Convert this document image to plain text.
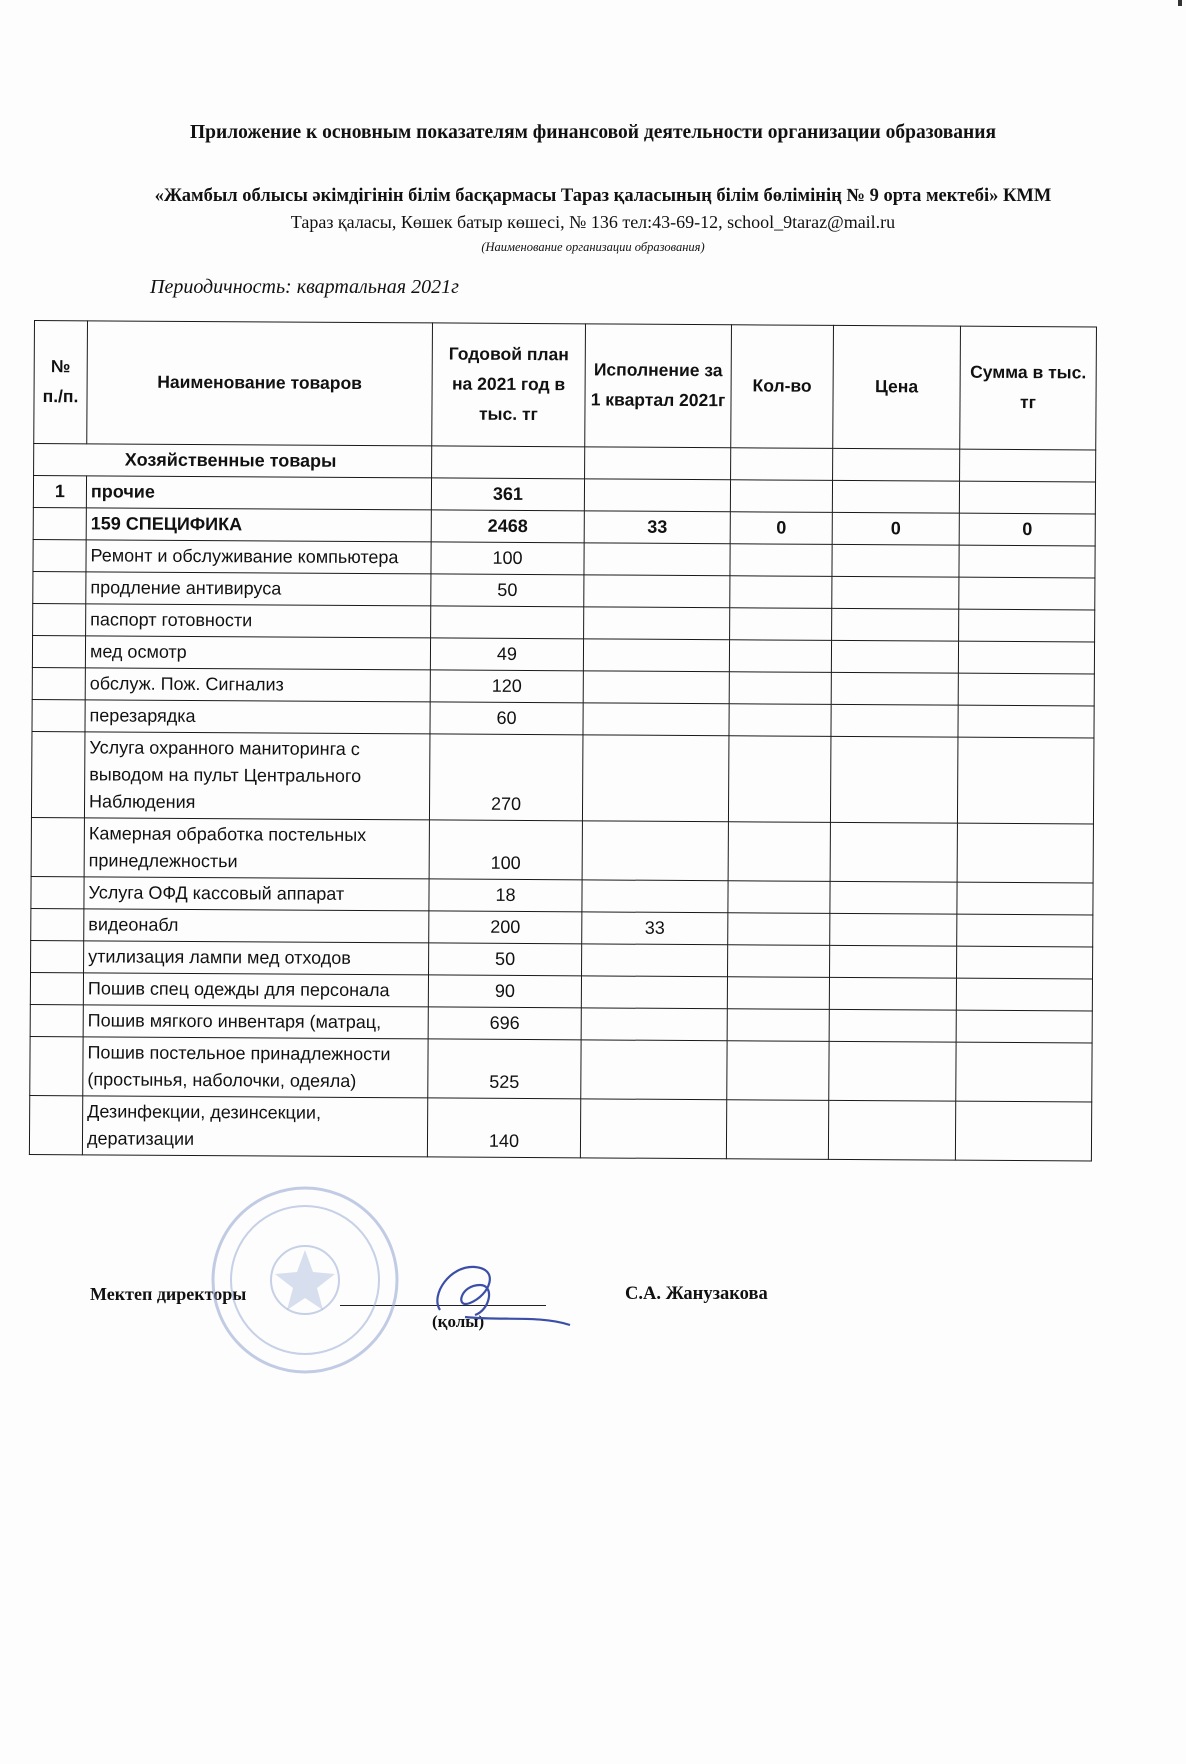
Приложение к основным показателям финансовой деятельности организации образования
«Жамбыл облысы әкімдігінін білім басқармасы Тараз қаласының білім бөлімінің № 9 орта мектебі» КММ
Тараз қаласы, Көшек батыр көшесі, № 136 тел:43-69-12, school_9taraz@mail.ru
(Наименование организации образования)
Периодичность: квартальная 2021г
№ п./п.	Наименование товаров	Годовой план на 2021 год в тыс. тг	Исполнение за 1 квартал 2021г	Кол-во	Цена	Сумма в тыс. тг
Хозяйственные товары						
1	прочие	361				
	159 СПЕЦИФИКА	2468	33	0	0	0
	Ремонт и обслуживание компьютера	100				
	продление антивируса	50				
	паспорт готовности					
	мед осмотр	49				
	обслуж. Пож. Сигнализ	120				
	перезарядка	60				
	Услуга охранного маниторинга с выводом на пульт Центрального Наблюдения	270				
	Камерная обработка постельных принедлежностьи	100				
	Услуга ОФД кассовый аппарат	18				
	видеонабл	200	33			
	утилизация лампи мед отходов	50				
	Пошив спец одежды для персонала	90				
	Пошив мягкого инвентаря (матрац,	696				
	Пошив постельное принадлежности (простынья, наболочки, одеяла)	525				
	Дезинфекции, дезинсекции, дератизации	140				
Мектеп директоры
(қолы)
С.А. Жанузакова
